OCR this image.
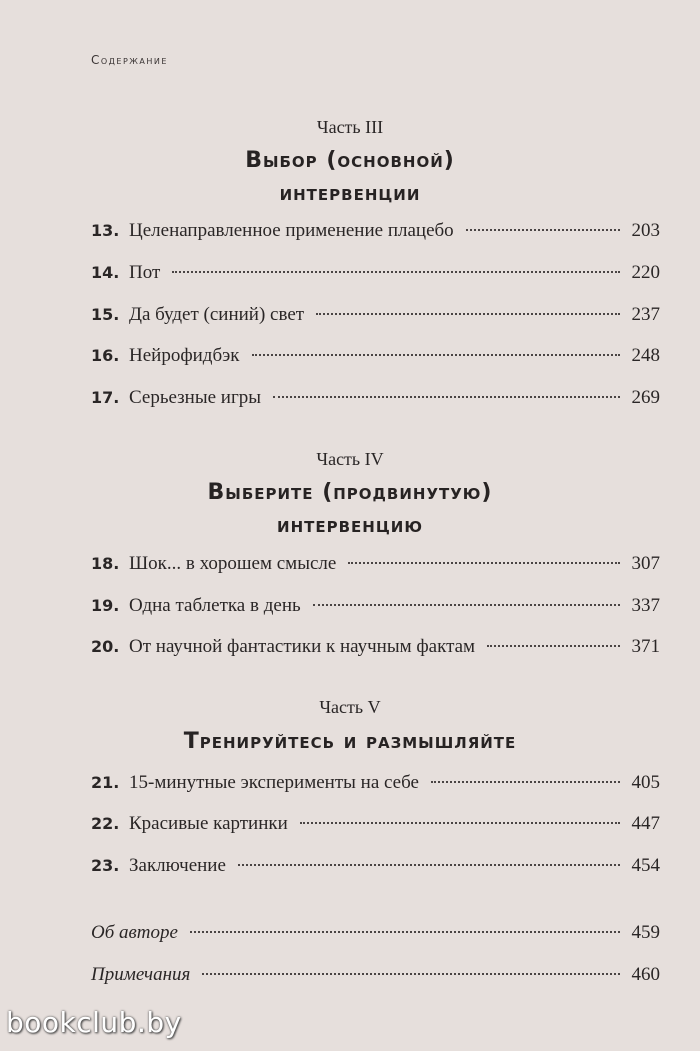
Содержание
Часть III
Выбор (основной)
интервенции
13. Целенаправленное применение плацебо	203
14. Пот	220
15. Да будет (синий) свет	237
16. Нейрофидбэк	248
17. Серьезные игры	269
Часть IV
Выберите (продвинутую)
интервенцию
18. Шок... в хорошем смысле	307
19. Одна таблетка в день	337
20. От научной фантастики к научным фактам	371
Часть V
Тренируйтесь и размышляйте
21. 15-минутные эксперименты на себе	405
22. Красивые картинки	447
23. Заключение	454
Об авторе	459
Примечания	460
bookclub.by
